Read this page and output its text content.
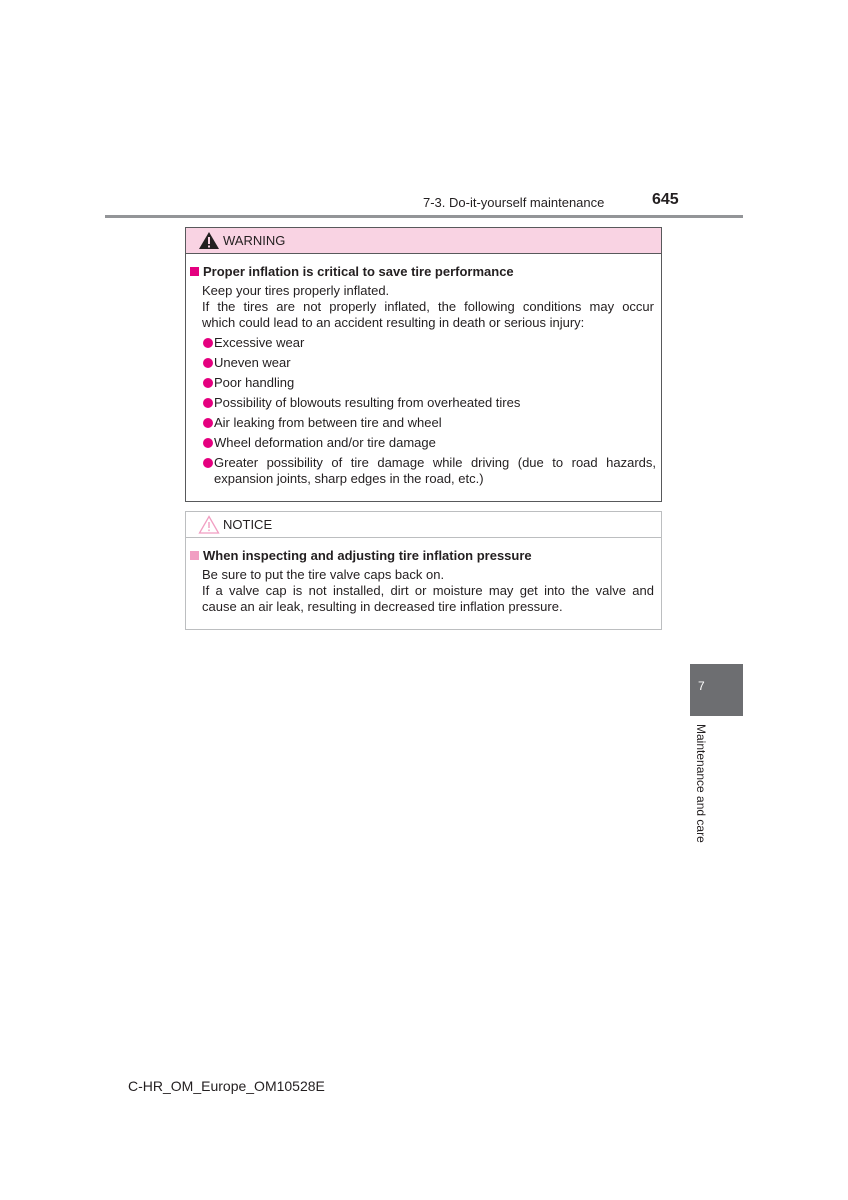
7-3. Do-it-yourself maintenance	645
WARNING
Proper inflation is critical to save tire performance
Keep your tires properly inflated.
If the tires are not properly inflated, the following conditions may occur
which could lead to an accident resulting in death or serious injury:
Excessive wear
Uneven wear
Poor handling
Possibility of blowouts resulting from overheated tires
Air leaking from between tire and wheel
Wheel deformation and/or tire damage
Greater possibility of tire damage while driving (due to road hazards,
expansion joints, sharp edges in the road, etc.)
NOTICE
When inspecting and adjusting tire inflation pressure
Be sure to put the tire valve caps back on.
If a valve cap is not installed, dirt or moisture may get into the valve and
cause an air leak, resulting in decreased tire inflation pressure.
7
Maintenance and care
C-HR_OM_Europe_OM10528E
